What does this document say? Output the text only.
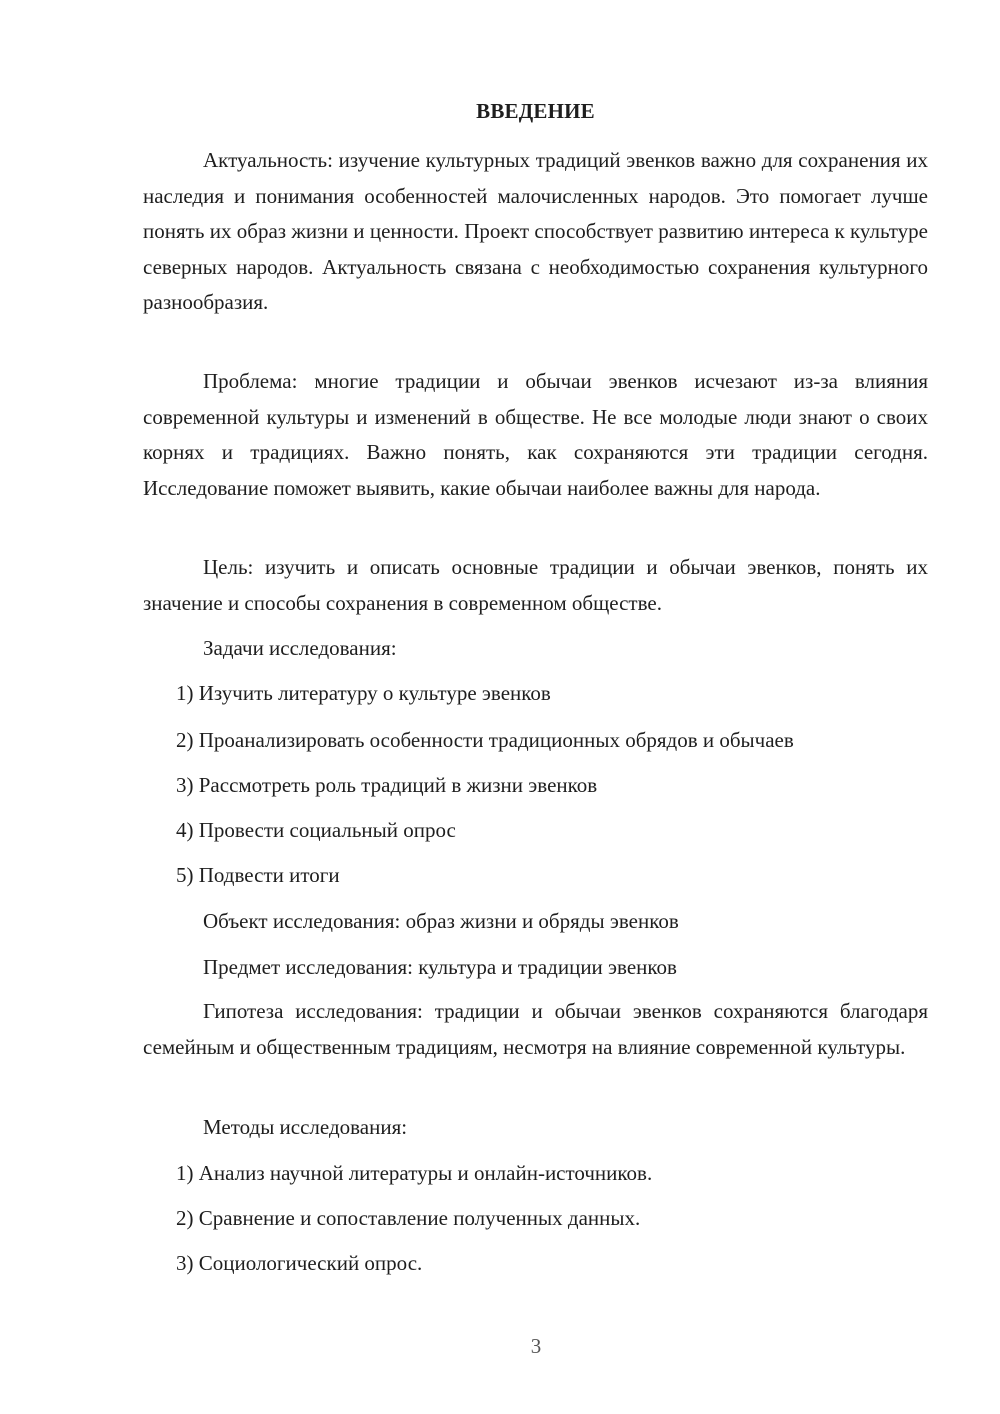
ВВЕДЕНИЕ

Актуальность: изучение культурных традиций эвенков важно для сохранения их наследия и понимания особенностей малочисленных народов. Это помогает лучше понять их образ жизни и ценности. Проект способствует развитию интереса к культуре северных народов. Актуальность связана с необходимостью сохранения культурного разнообразия.

Проблема: многие традиции и обычаи эвенков исчезают из-за влияния современной культуры и изменений в обществе. Не все молодые люди знают о своих корнях и традициях. Важно понять, как сохраняются эти традиции сегодня. Исследование поможет выявить, какие обычаи наиболее важны для народа.

Цель: изучить и описать основные традиции и обычаи эвенков, понять их значение и способы сохранения в современном обществе.

Задачи исследования:
1) Изучить литературу о культуре эвенков
2) Проанализировать особенности традиционных обрядов и обычаев
3) Рассмотреть роль традиций в жизни эвенков
4) Провести социальный опрос
5) Подвести итоги
Объект исследования: образ жизни и обряды эвенков
Предмет исследования: культура и традиции эвенков

Гипотеза исследования: традиции и обычаи эвенков сохраняются благодаря семейным и общественным традициям, несмотря на влияние современной культуры.

Методы исследования:
1) Анализ научной литературы и онлайн-источников.
2) Сравнение и сопоставление полученных данных.
3) Социологический опрос.
3
